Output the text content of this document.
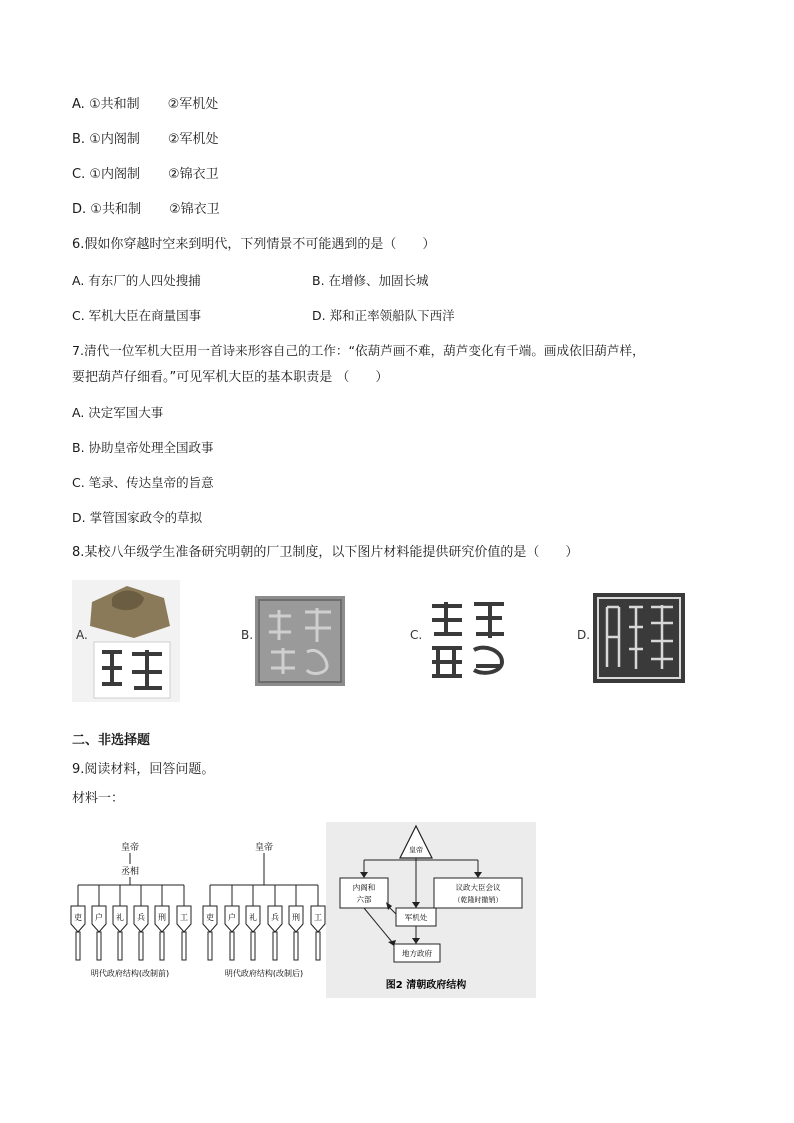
A. ①共和制 ②军机处
B. ①内阁制 ②军机处
C. ①内阁制 ②锦衣卫
D. ①共和制 ②锦衣卫
6.假如你穿越时空来到明代，下列情景不可能遇到的是（　　）
A. 有东厂的人四处搜捕	B. 在增修、加固长城
C. 军机大臣在商量国事	D. 郑和正率领船队下西洋
7.清代一位军机大臣用一首诗来形容自己的工作：“依葫芦画不难，葫芦变化有千端。画成依旧葫芦样，
要把葫芦仔细看。”可见军机大臣的基本职责是 （　　）
A. 决定军国大事
B. 协助皇帝处理全国政事
C. 笔录、传达皇帝的旨意
D. 掌管国家政令的草拟
8.某校八年级学生准备研究明朝的厂卫制度，以下图片材料能提供研究价值的是（　　）
A.	B.	C.	D.
二、非选择题
9.阅读材料，回答问题。
材料一：
皇帝
丞相
吏 户 礼 兵 刑 工
明代政府结构(改制前)
皇帝
吏 户 礼 兵 刑 工
明代政府结构(改制后)
皇帝
内阁和
六部
议政大臣会议
（乾隆时撤销）
军机处
地方政府
图2 清朝政府结构
